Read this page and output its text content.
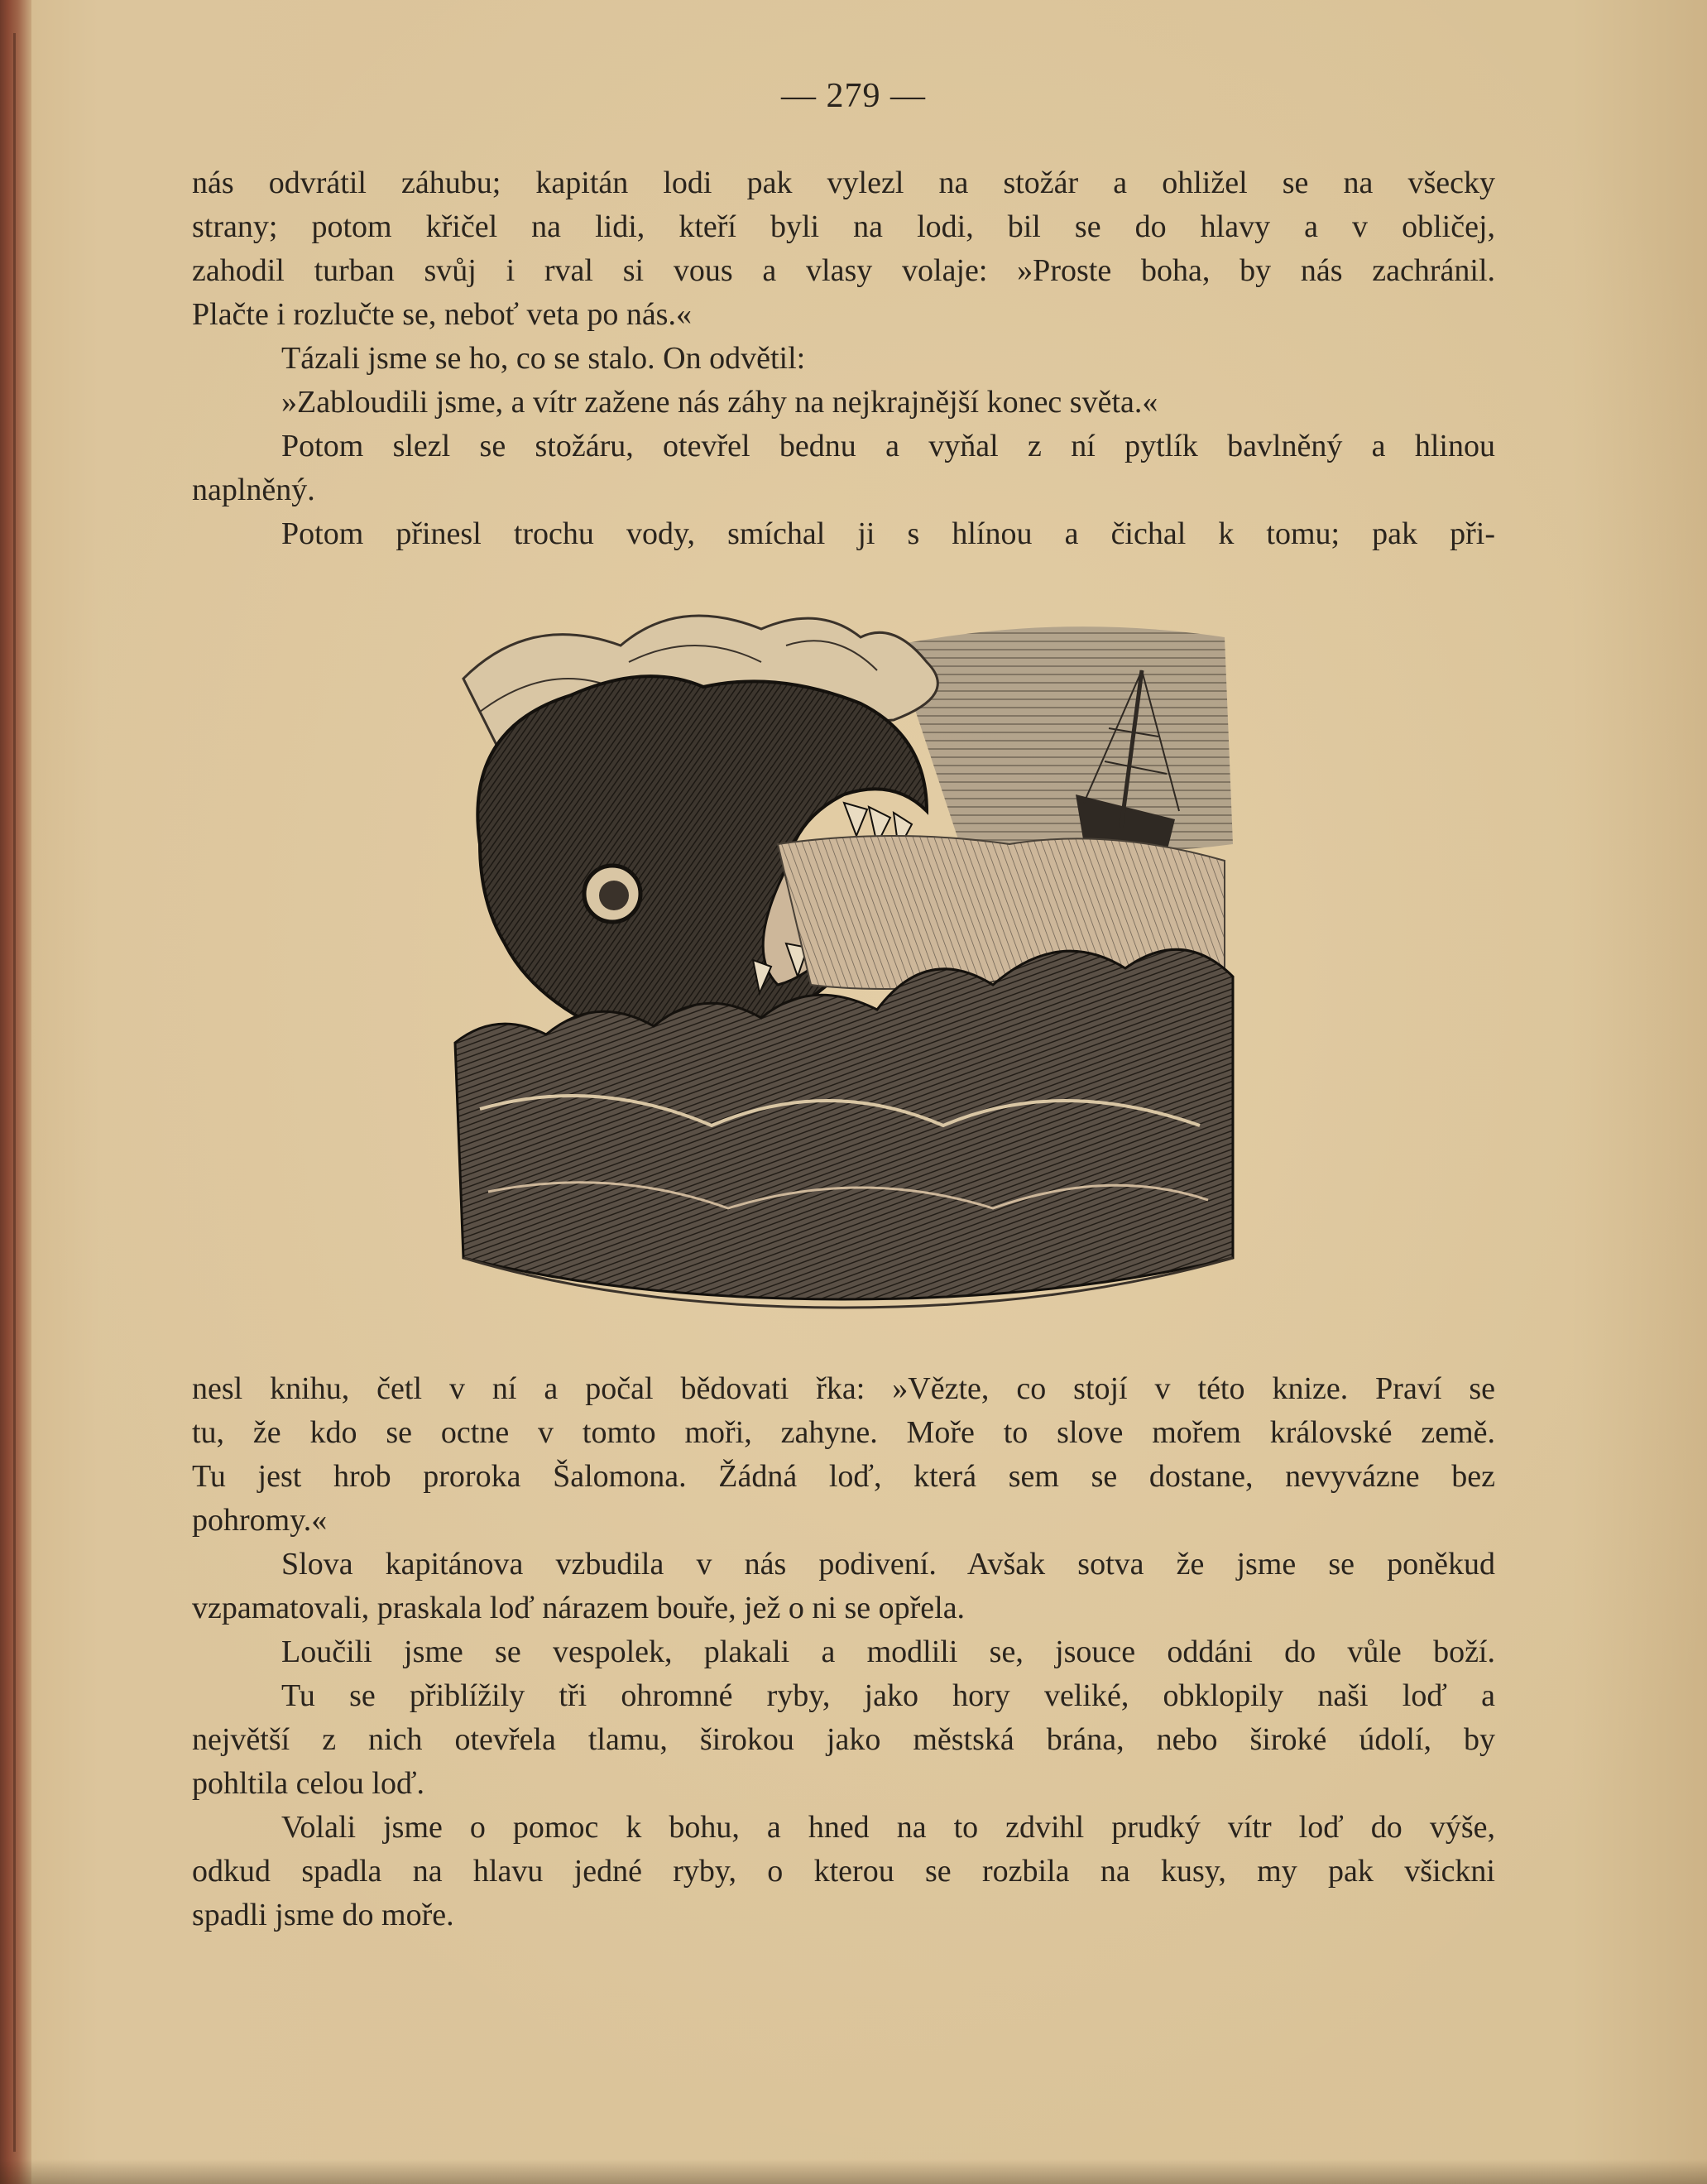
— 279 —
nás odvrátil záhubu; kapitán lodi pak vylezl na stožár a ohližel se na všecky
strany; potom křičel na lidi, kteří byli na lodi, bil se do hlavy a v obličej,
zahodil turban svůj i rval si vous a vlasy volaje: »Proste boha, by nás zachránil.
Plačte i rozlučte se, neboť veta po nás.«
Tázali jsme se ho, co se stalo. On odvětil:
»Zabloudili jsme, a vítr zažene nás záhy na nejkrajnější konec světa.«
Potom slezl se stožáru, otevřel bednu a vyňal z ní pytlík bavlněný a hlinou
naplněný.
Potom přinesl trochu vody, smíchal ji s hlínou a čichal k tomu; pak při-
nesl knihu, četl v ní a počal bědovati řka: »Vězte, co stojí v této knize. Praví se
tu, že kdo se octne v tomto moři, zahyne. Moře to slove mořem královské země.
Tu jest hrob proroka Šalomona. Žádná loď, která sem se dostane, nevyvázne bez
pohromy.«
Slova kapitánova vzbudila v nás podivení. Avšak sotva že jsme se poněkud
vzpamatovali, praskala loď nárazem bouře, jež o ni se opřela.
Loučili jsme se vespolek, plakali a modlili se, jsouce oddáni do vůle boží.
Tu se přiblížily tři ohromné ryby, jako hory veliké, obklopily naši loď a
největší z nich otevřela tlamu, širokou jako městská brána, nebo široké údolí, by
pohltila celou loď.
Volali jsme o pomoc k bohu, a hned na to zdvihl prudký vítr loď do výše,
odkud spadla na hlavu jedné ryby, o kterou se rozbila na kusy, my pak všickni
spadli jsme do moře.
